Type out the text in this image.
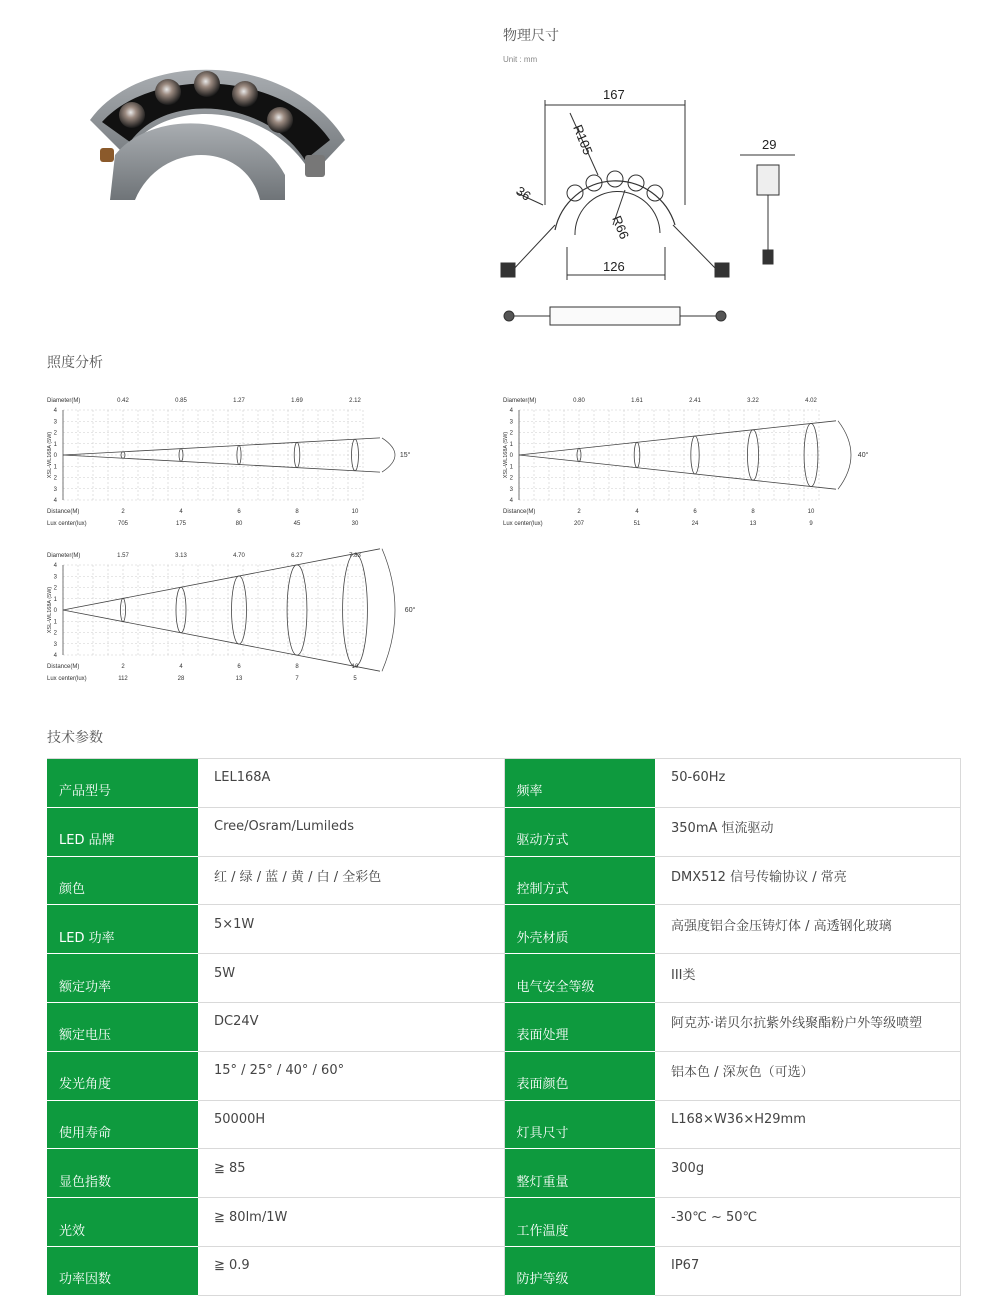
物理尺寸
Unit : mm
167
R105
36
R66
126
29
照度分析
4
3
2
1
0
1
2
3
4
XSL-WL168A (5W)
Diameter(M)
Distance(M)
Lux center(lux)
15°
0.42
2
705
0.85
4
175
1.27
6
80
1.69
8
45
2.12
10
30
4
3
2
1
0
1
2
3
4
XSL-WL168A (5W)
Diameter(M)
Distance(M)
Lux center(lux)
40°
0.80
2
207
1.61
4
51
2.41
6
24
3.22
8
13
4.02
10
9
4
3
2
1
0
1
2
3
4
XSL-WL168A (5W)
Diameter(M)
Distance(M)
Lux center(lux)
60°
1.57
2
112
3.13
4
28
4.70
6
13
6.27
8
7
7.83
10
5
技术参数
产品型号	LEL168A	频率	50-60Hz
LED 品牌	Cree/Osram/Lumileds	驱动方式	350mA 恒流驱动
颜色	红 / 绿 / 蓝 / 黄 / 白 / 全彩色	控制方式	DMX512 信号传输协议 / 常亮
LED 功率	5×1W	外壳材质	高强度铝合金压铸灯体 / 高透钢化玻璃
额定功率	5W	电气安全等级	III类
额定电压	DC24V	表面处理	阿克苏·诺贝尔抗紫外线聚酯粉户外等级喷塑
发光角度	15° / 25° / 40° / 60°	表面颜色	铝本色 / 深灰色（可选）
使用寿命	50000H	灯具尺寸	L168×W36×H29mm
显色指数	≧ 85	整灯重量	300g
光效	≧ 80lm/1W	工作温度	-30℃ ~ 50℃
功率因数	≧ 0.9	防护等级	IP67
